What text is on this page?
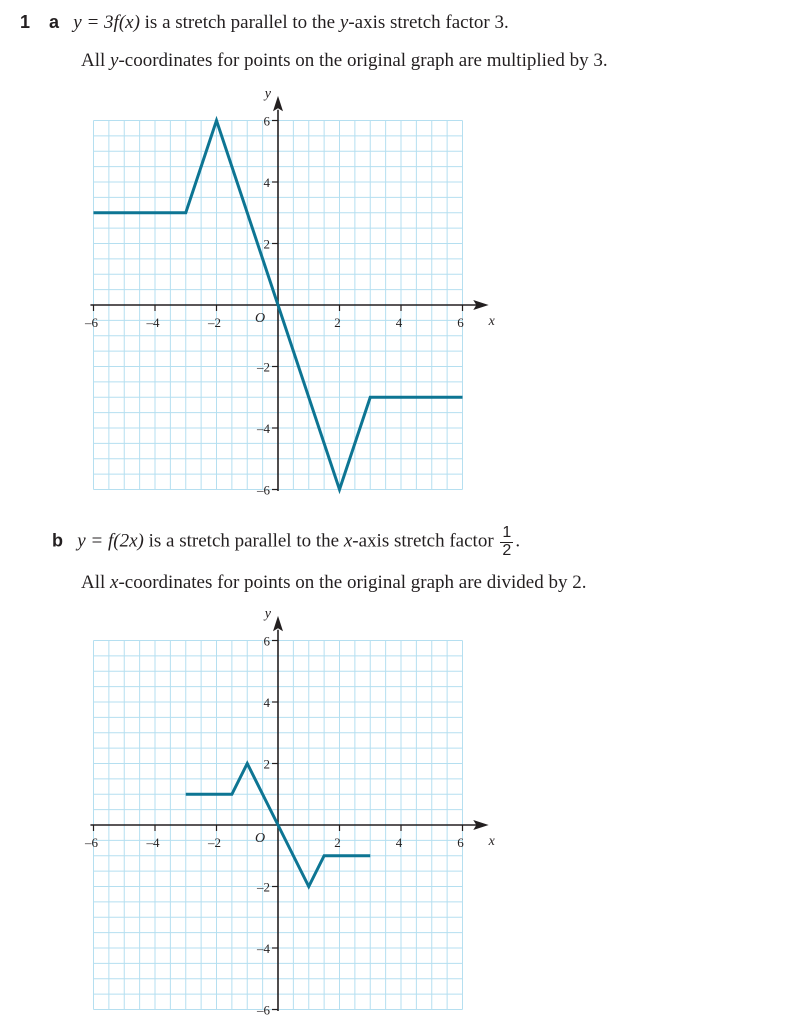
1 a y = 3f(x) is a stretch parallel to the y-axis stretch factor 3.
All y-coordinates for points on the original graph are multiplied by 3.
–6	–4	–2	2	4	6
6
4
2
–2
–4
–6
x
y
O
b y = f(2x) is a stretch parallel to the x-axis stretch factor $\frac{1}{2}$ .
All x-coordinates for points on the original graph are divided by 2.
–6	–4	–2	2	4	6
6
4
2
–2
–4
–6
x
y
O
